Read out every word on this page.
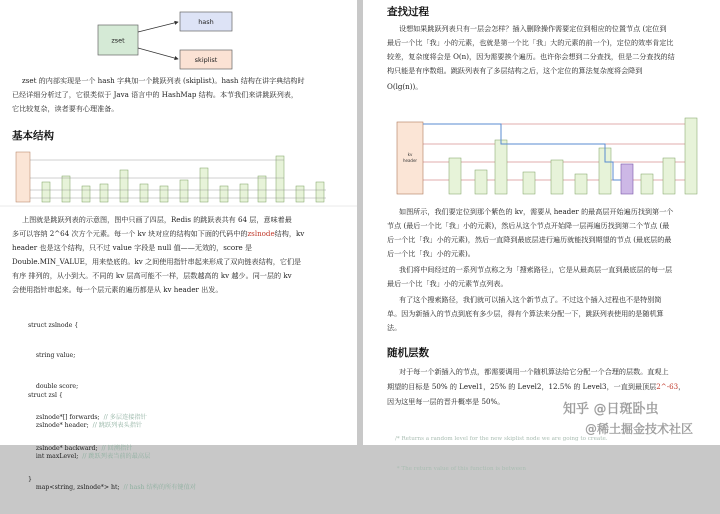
zset
hash
skiplist

zset 的内部实现是一个 hash 字典加一个跳跃列表 (skiplist)。hash 结构在讲字典结构时

已经详细分析过了，它很类似于 Java 语言中的 HashMap 结构。本节我们来讲跳跃列表，

它比较复杂，读者要有心理准备。

基本结构

上图就是跳跃列表的示意图，图中只画了四层，Redis 的跳跃表共有 64 层，意味着最

多可以容纳 2^64 次方个元素。每一个 kv 块对应的结构如下面的代码中的zslnode结构，kv

header 也是这个结构，只不过 value 字段是 null 值——无效的，score 是

Double.MIN_VALUE，用来垫底的。kv 之间使用指针串起来形成了双向链表结构，它们是

有序 排列的，从小到大。不同的 kv 层高可能不一样，层数越高的 kv 越少。同一层的 kv

会使用指针串起来。每一个层元素的遍历都是从 kv header 出发。

struct zslnode {

string value;

double score;

zslnode*[] forwards; // 多层连接指针

zslnode* backward; // 回溯指针

}

struct zsl {

zslnode* header; // 跳跃列表头指针

int maxLevel; // 跳跃列表当前的最高层

map<string, zslnode*> ht; // hash 结构的所有键值对

查找过程

设想如果跳跃列表只有一层会怎样？插入删除操作需要定位到相应的位置节点 (定位到

最后一个比「我」小的元素，也就是第一个比「我」大的元素的前一个)，定位的效率肯定比

较差，复杂度将会是 O(n)，因为需要挨个遍历。也许你会想到二分查找，但是二分查找的结

构只能是有序数组。跳跃列表有了多层结构之后，这个定位的算法复杂度将会降到

O(lg(n))。

kv
header

如图所示，我们要定位到那个紫色的 kv，需要从 header 的最高层开始遍历找到第一个

节点 (最后一个比「我」小的元素)，然后从这个节点开始降一层再遍历找到第二个节点 (最

后一个比「我」小的元素)，然后一直降到最底层进行遍历就能找到期望的节点 (最底层的最

后一个比「我」小的元素)。

我们将中间经过的一系列节点称之为「搜索路径」，它是从最高层一直到最底层的每一层

最后一个比「我」小的元素节点列表。

有了这个搜索路径，我们就可以插入这个新节点了。不过这个插入过程也不是特别简

单。因为新插入的节点到底有多少层，得有个算法来分配一下，跳跃列表使用的是随机算

法。

随机层数

对于每一个新插入的节点，都需要调用一个随机算法给它分配一个合理的层数。直观上

期望的目标是 50% 的 Level1，25% 的 Level2，12.5% 的 Level3，一直到最顶层2^-63，

因为这里每一层的晋升概率是 50%。

/* Returns a random level for the new skiplist node we are going to create.

* The return value of this function is between

知乎 @日斑卧虫
@稀土掘金技术社区
